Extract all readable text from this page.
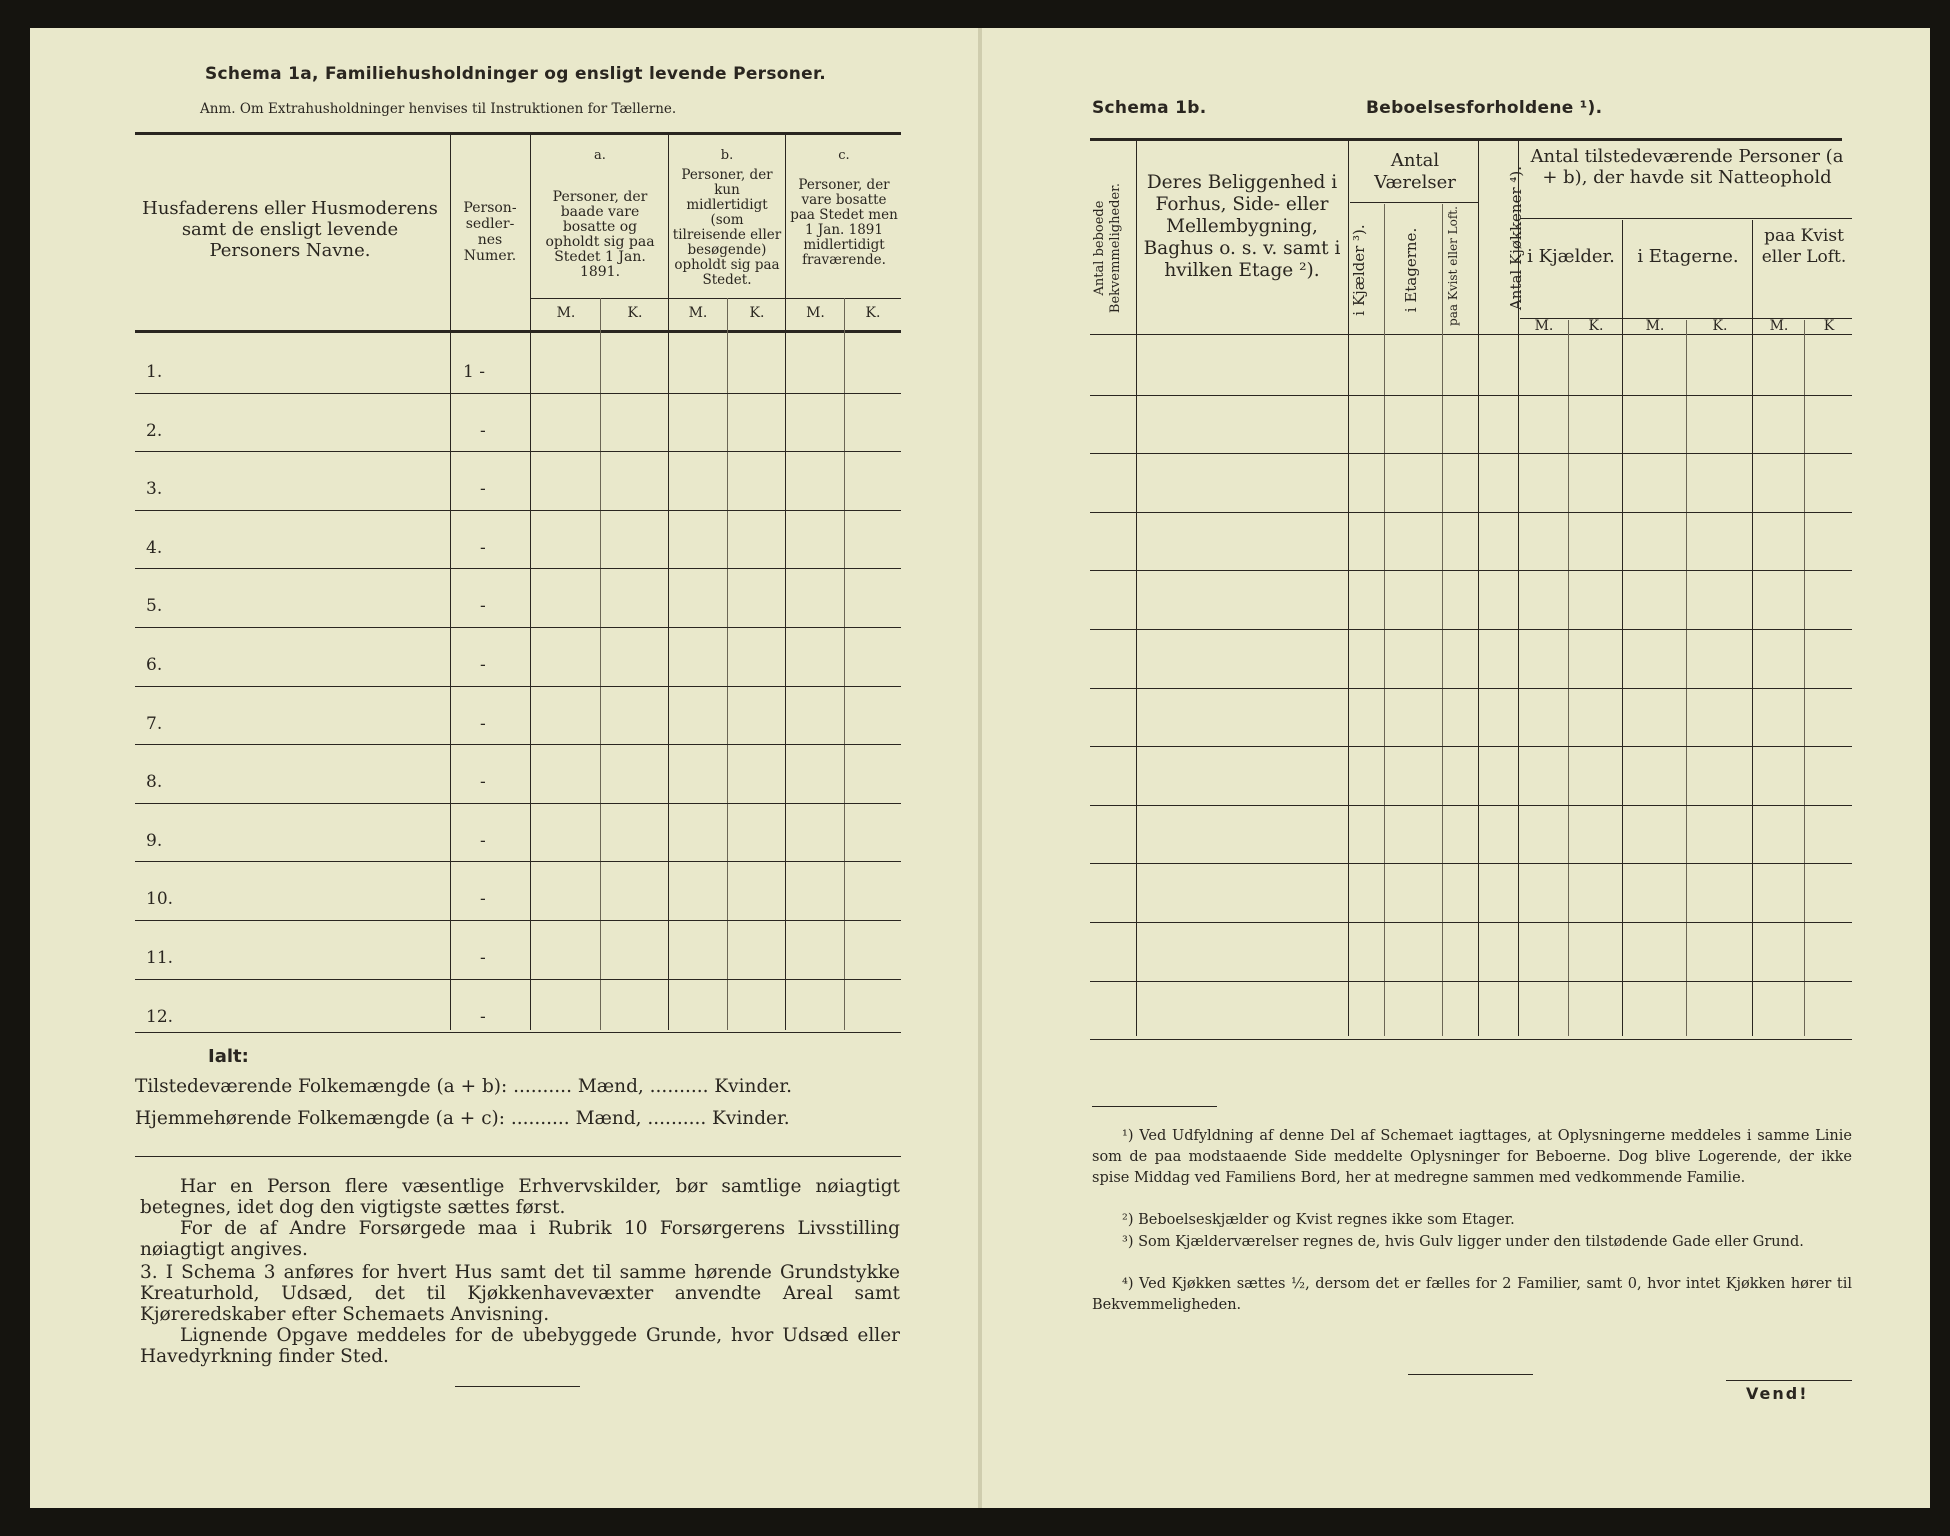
Schema 1a, Familiehusholdninger og ensligt levende Personer.
Anm. Om Extrahusholdninger henvises til Instruktionen for Tællerne.
Husfaderens eller Husmoderens samt de ensligt levende Personers Navne.
Person-sedler-nes Numer.
a.
Personer, der baade vare bosatte og opholdt sig paa Stedet 1 Jan. 1891.
b.
Personer, der kun midlertidigt (som tilreisende eller besøgende) opholdt sig paa Stedet.
c.
Personer, der vare bosatte paa Stedet men 1 Jan. 1891 midlertidigt fraværende.
M.	K.	M.	K.	M.	K.
1.	1 -
2.	-
3.	-
4.	-
5.	-
6.	-
7.	-
8.	-
9.	-
10.	-
11.	-
12.	-
Ialt:
Tilstedeværende Folkemængde (a + b): .......... Mænd, .......... Kvinder.
Hjemmehørende Folkemængde (a + c): .......... Mænd, .......... Kvinder.
Har en Person flere væsentlige Erhvervskilder, bør samtlige nøiagtigt betegnes, idet dog den vigtigste sættes først.
For de af Andre Forsørgede maa i Rubrik 10 Forsørgerens Livsstilling nøiagtigt angives.
3. I Schema 3 anføres for hvert Hus samt det til samme hørende Grundstykke Kreaturhold, Udsæd, det til Kjøkkenhavevæxter anvendte Areal samt Kjøreredskaber efter Schemaets Anvisning.
Lignende Opgave meddeles for de ubebyggede Grunde, hvor Udsæd eller Havedyrkning finder Sted.
Schema 1b.	Beboelsesforholdene ¹).
Antal beboede Bekvemmeligheder.
Deres Beliggenhed i Forhus, Side- eller Mellembygning, Baghus o. s. v. samt i hvilken Etage ²).
Antal Værelser
i Kjælder ³).	i Etagerne.	paa Kvist eller Loft.	Antal Kjøkkener ⁴).
Antal tilstedeværende Personer (a + b), der havde sit Natteophold
i Kjælder.	i Etagerne.
paa Kvist eller Loft.
M.	K.	M.	K.	M.	K
¹) Ved Udfyldning af denne Del af Schemaet iagttages, at Oplysningerne meddeles i samme Linie som de paa modstaaende Side meddelte Oplysninger for Beboerne. Dog blive Logerende, der ikke spise Middag ved Familiens Bord, her at medregne sammen med vedkommende Familie.
²) Beboelseskjælder og Kvist regnes ikke som Etager.
³) Som Kjælderværelser regnes de, hvis Gulv ligger under den tilstødende Gade eller Grund.
⁴) Ved Kjøkken sættes ½, dersom det er fælles for 2 Familier, samt 0, hvor intet Kjøkken hører til Bekvemmeligheden.
Vend!
